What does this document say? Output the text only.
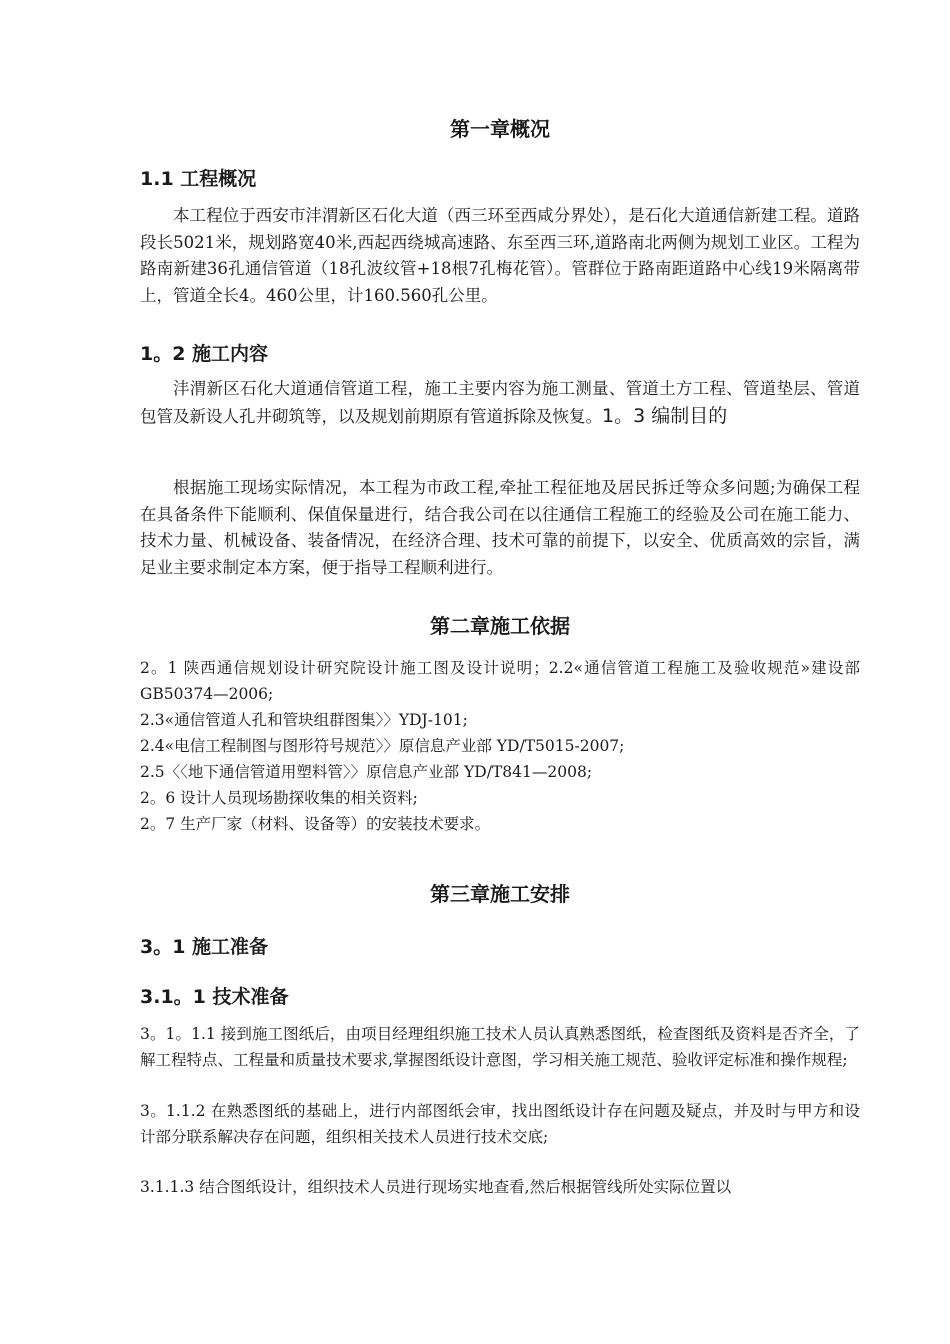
第一章概况
1.1 工程概况

本工程位于西安市沣渭新区石化大道（西三环至西咸分界处），是石化大道通信新建工程。道路段长5021米，规划路宽40米,西起西绕城高速路、东至西三环,道路南北两侧为规划工业区。工程为路南新建36孔通信管道（18孔波纹管+18根7孔梅花管）。管群位于路南距道路中心线19米隔离带上，管道全长4。460公里，计160.560孔公里。

1。2 施工内容

沣渭新区石化大道通信管道工程，施工主要内容为施工测量、管道土方工程、管道垫层、管道包管及新设人孔井砌筑等，以及规划前期原有管道拆除及恢复。1。3 编制目的

根据施工现场实际情况，本工程为市政工程,牵扯工程征地及居民拆迁等众多问题;为确保工程在具备条件下能顺利、保值保量进行，结合我公司在以往通信工程施工的经验及公司在施工能力、技术力量、机械设备、装备情况，在经济合理、技术可靠的前提下，以安全、优质高效的宗旨，满足业主要求制定本方案，便于指导工程顺利进行。

第二章施工依据
2。1 陕西通信规划设计研究院设计施工图及设计说明；2.2«通信管道工程施工及验收规范»建设部 GB50374—2006;
2.3«通信管道人孔和管块组群图集〉〉YDJ-101;
2.4«电信工程制图与图形符号规范〉〉原信息产业部 YD/T5015-2007;
2.5〈〈地下通信管道用塑料管〉〉原信息产业部 YD/T841—2008;
2。6 设计人员现场勘探收集的相关资料;
2。7 生产厂家（材料、设备等）的安装技术要求。
第三章施工安排
3。1 施工准备
3.1。1 技术准备
3。1。1.1 接到施工图纸后，由项目经理组织施工技术人员认真熟悉图纸，检查图纸及资料是否齐全，了解工程特点、工程量和质量技术要求,掌握图纸设计意图，学习相关施工规范、验收评定标准和操作规程;
3。1.1.2 在熟悉图纸的基础上，进行内部图纸会审，找出图纸设计存在问题及疑点，并及时与甲方和设计部分联系解决存在问题，组织相关技术人员进行技术交底;
3.1.1.3 结合图纸设计，组织技术人员进行现场实地查看,然后根据管线所处实际位置以
